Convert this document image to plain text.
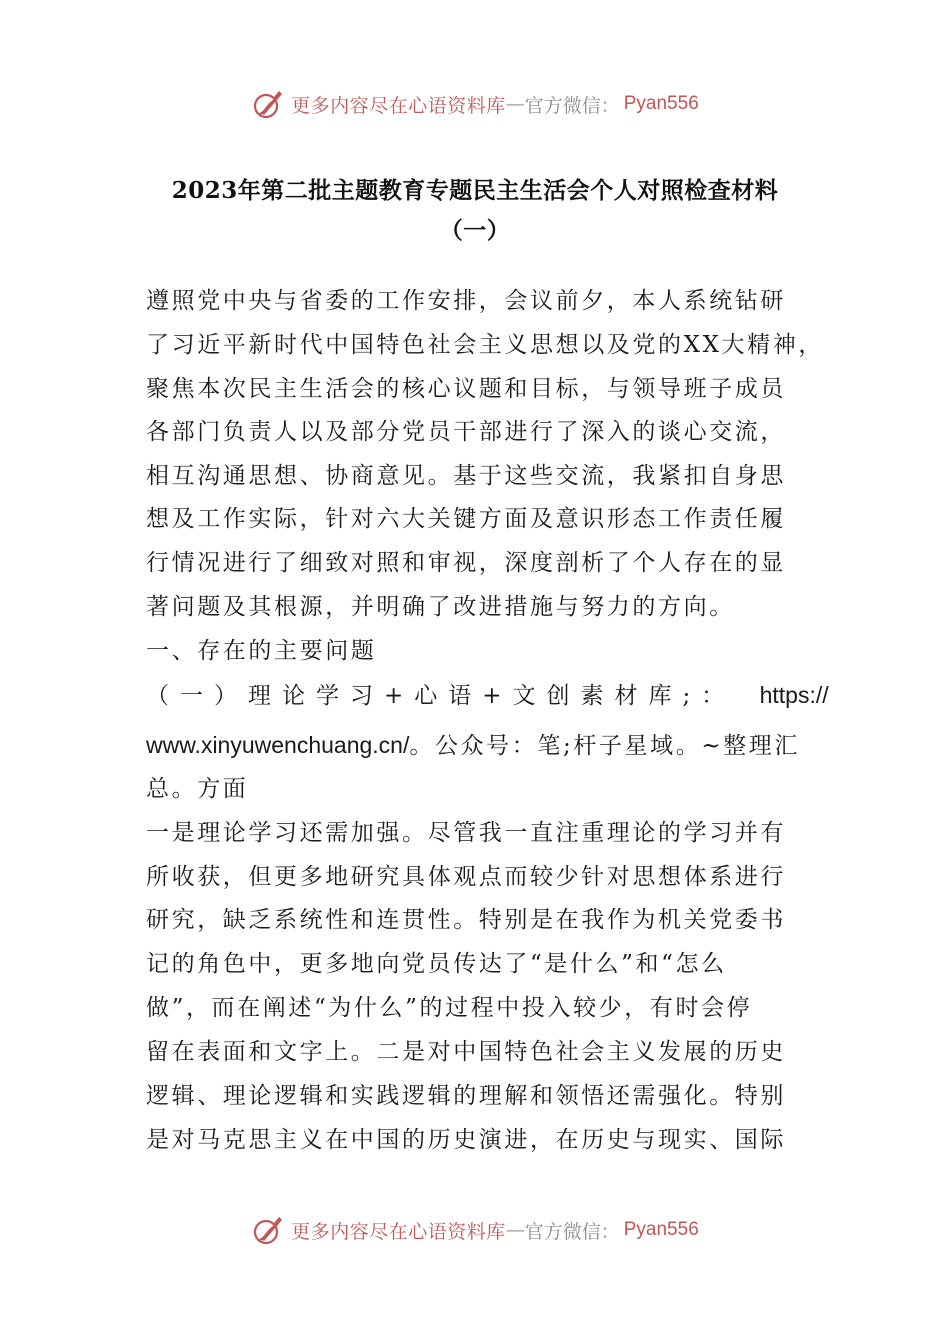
更多内容尽在心语资料库 — 官方微信： Pyan556
2023年第二批主题教育专题民主生活会个人对照检查材料
（一）
遵照党中央与省委的工作安排，会议前夕，本人系统钻研
了习近平新时代中国特色社会主义思想以及党的XX大精神，
聚焦本次民主生活会的核心议题和目标，与领导班子成员
各部门负责人以及部分党员干部进行了深入的谈心交流，
相互沟通思想、协商意见。基于这些交流，我紧扣自身思
想及工作实际，针对六大关键方面及意识形态工作责任履
行情况进行了细致对照和审视，深度剖析了个人存在的显
著问题及其根源，并明确了改进措施与努力的方向。
一、存在的主要问题
（一）理论学习+心语+文创素材库;： https://
www.xinyuwenchuang.cn/。公众号：笔;杆子星域。~整理汇
总。方面
一是理论学习还需加强。尽管我一直注重理论的学习并有
所收获，但更多地研究具体观点而较少针对思想体系进行
研究，缺乏系统性和连贯性。特别是在我作为机关党委书
记的角色中，更多地向党员传达了“是什么”和“怎么
做”，而在阐述“为什么”的过程中投入较少，有时会停
留在表面和文字上。二是对中国特色社会主义发展的历史
逻辑、理论逻辑和实践逻辑的理解和领悟还需强化。特别
是对马克思主义在中国的历史演进，在历史与现实、国际
更多内容尽在心语资料库 — 官方微信： Pyan556
